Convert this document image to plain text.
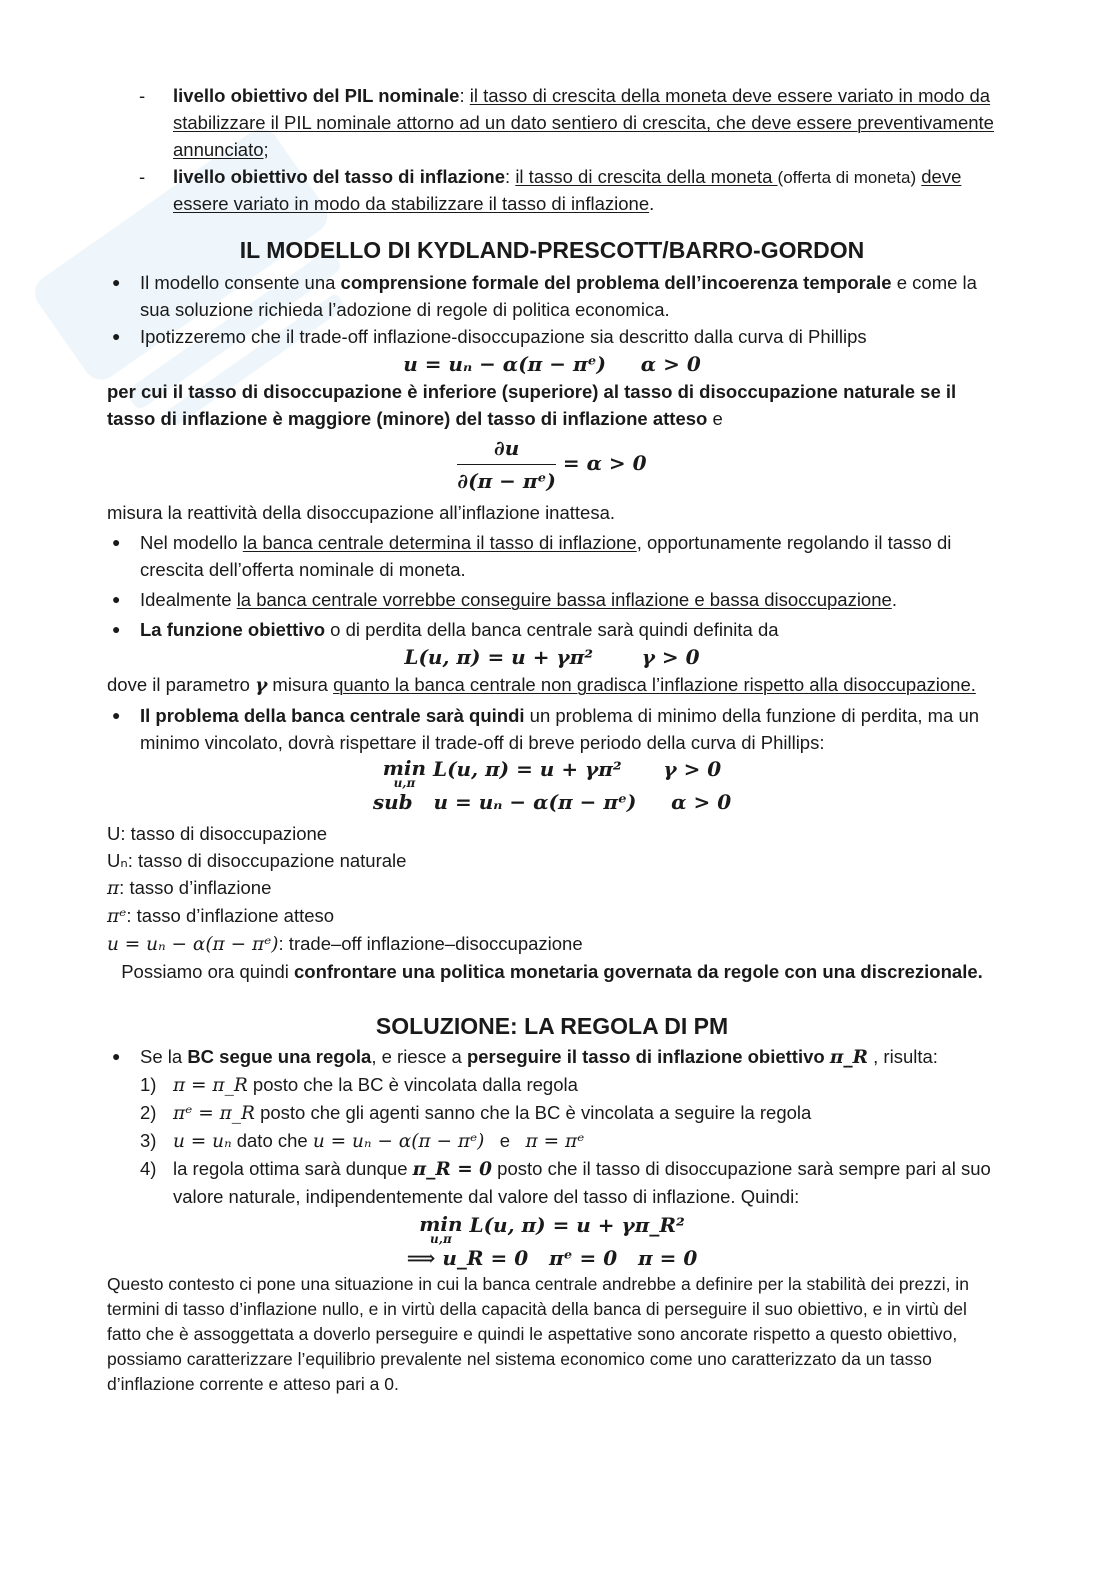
- livello obiettivo del PIL nominale: il tasso di crescita della moneta deve essere variato in modo da stabilizzare il PIL nominale attorno ad un dato sentiero di crescita, che deve essere preventivamente annunciato;
- livello obiettivo del tasso di inflazione: il tasso di crescita della moneta (offerta di moneta) deve essere variato in modo da stabilizzare il tasso di inflazione.
IL MODELLO DI KYDLAND-PRESCOTT/BARRO-GORDON
● Il modello consente una comprensione formale del problema dell’incoerenza temporale e come la sua soluzione richieda l’adozione di regole di politica economica.
● Ipotizzeremo che il trade-off inflazione-disoccupazione sia descritto dalla curva di Phillips
u = uₙ − α(π − πᵉ) α > 0
per cui il tasso di disoccupazione è inferiore (superiore) al tasso di disoccupazione naturale se il tasso di inflazione è maggiore (minore) del tasso di inflazione atteso e
$\frac{\partial u}{\text{∂(π − πᵉ)}} = \alpha > 0$
misura la reattività della disoccupazione all’inflazione inattesa.
● Nel modello la banca centrale determina il tasso di inflazione, opportunamente regolando il tasso di crescita dell’offerta nominale di moneta.
● Idealmente la banca centrale vorrebbe conseguire bassa inflazione e bassa disoccupazione.
● La funzione obiettivo o di perdita della banca centrale sarà quindi definita da
L(u, π) = u + γπ² γ > 0
dove il parametro γ misura quanto la banca centrale non gradisca l’inflazione rispetto alla disoccupazione.
● Il problema della banca centrale sarà quindi un problema di minimo della funzione di perdita, ma un minimo vincolato, dovrà rispettare il trade-off di breve periodo della curva di Phillips:
min
u,π
L(u, π) = u + γπ² γ > 0
sub u = uₙ − α(π − πᵉ) α > 0
U: tasso di disoccupazione
Uₙ: tasso di disoccupazione naturale
π: tasso d’inflazione
πᵉ: tasso d’inflazione atteso
u = uₙ − α(π − πᵉ): trade–off inflazione–disoccupazione
Possiamo ora quindi confrontare una politica monetaria governata da regole con una discrezionale.
SOLUZIONE: LA REGOLA DI PM
● Se la BC segue una regola, e riesce a perseguire il tasso di inflazione obiettivo π_R , risulta:
1) π = π_R posto che la BC è vincolata dalla regola
2) πᵉ = π_R posto che gli agenti sanno che la BC è vincolata a seguire la regola
3) u = uₙ dato che u = uₙ − α(π − πᵉ)   e   π = πᵉ
4) la regola ottima sarà dunque π_R = 0 posto che il tasso di disoccupazione sarà sempre pari al suo valore naturale, indipendentemente dal valore del tasso di inflazione. Quindi:
min
u,π
L(u, π) = u + γπ_R²
⟹ u_R = 0   πᵉ = 0   π = 0
Questo contesto ci pone una situazione in cui la banca centrale andrebbe a definire per la stabilità dei prezzi, in termini di tasso d’inflazione nullo, e in virtù della capacità della banca di perseguire il suo obiettivo, e in virtù del fatto che è assoggettata a doverlo perseguire e quindi le aspettative sono ancorate rispetto a questo obiettivo, possiamo caratterizzare l’equilibrio prevalente nel sistema economico come uno caratterizzato da un tasso d’inflazione corrente e atteso pari a 0.
